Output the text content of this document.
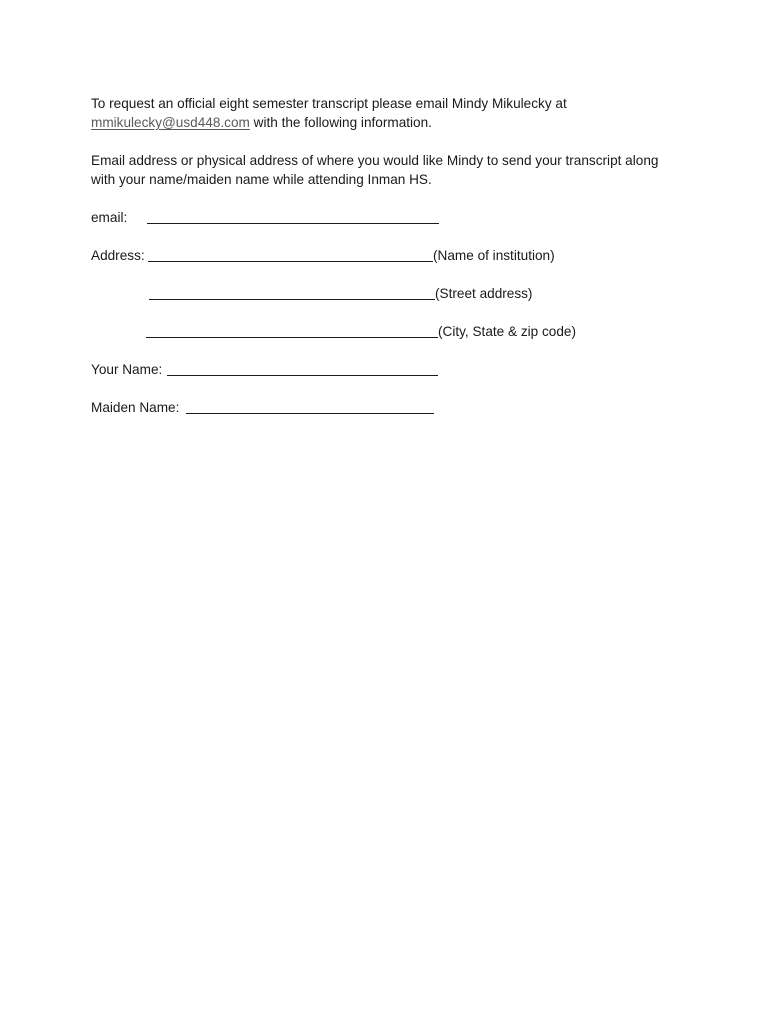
To request an official eight semester transcript please email Mindy Mikulecky at
mmikulecky@usd448.com with the following information.

Email address or physical address of where you would like Mindy to send your transcript along
with your name/maiden name while attending Inman HS.

email:
Address:	(Name of institution)
(Street address)
(City, State & zip code)
Your Name:
Maiden Name:
